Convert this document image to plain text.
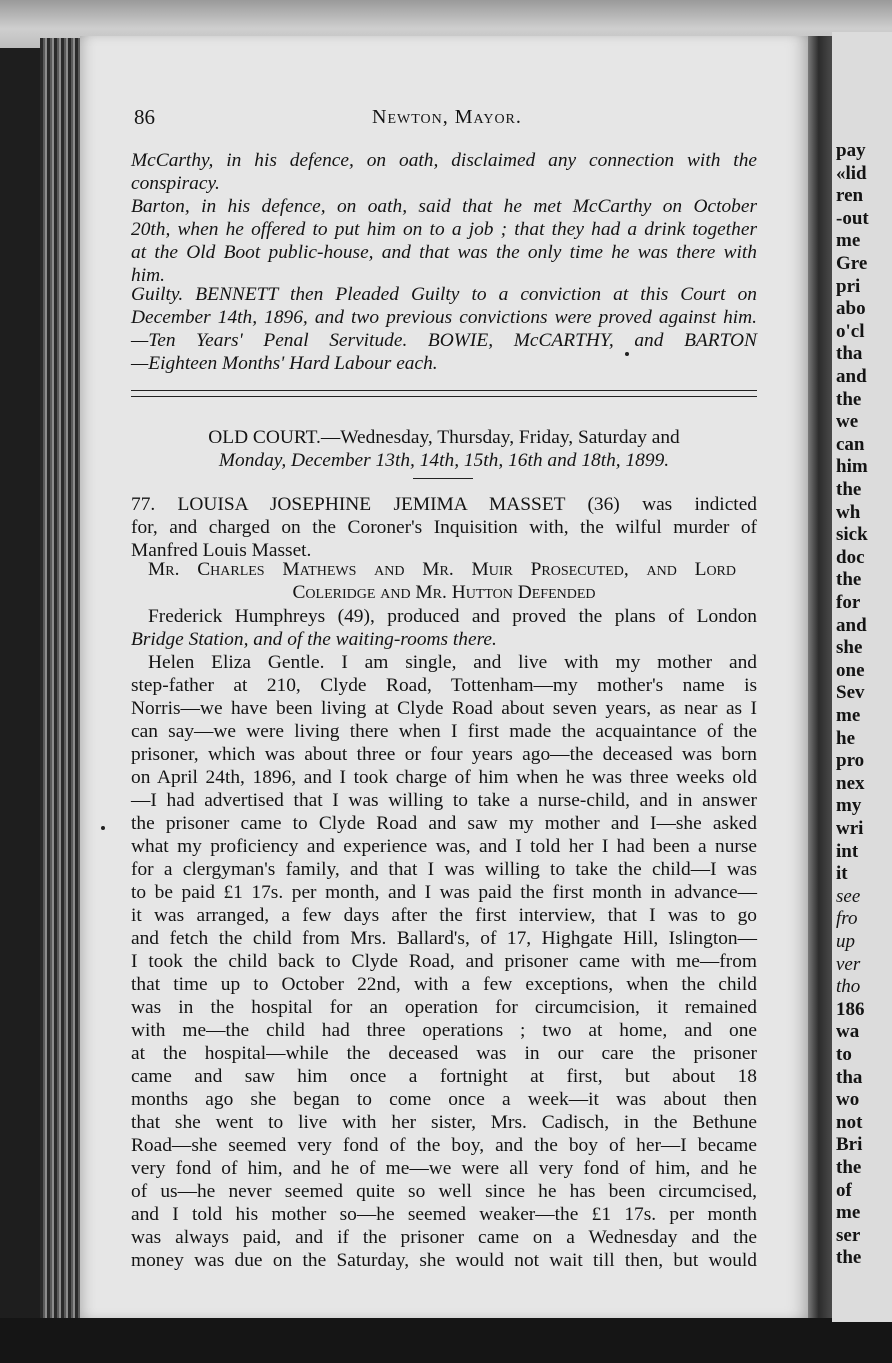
86	Newton, Mayor.
McCarthy, in his defence, on oath, disclaimed any connection with the
conspiracy.
Barton, in his defence, on oath, said that he met McCarthy on October
20th, when he offered to put him on to a job ; that they had a drink together
at the Old Boot public-house, and that was the only time he was there with
him.
Guilty. BENNETT then Pleaded Guilty to a conviction at this Court on
December 14th, 1896, and two previous convictions were proved against him.
—Ten Years' Penal Servitude. BOWIE, McCARTHY, and BARTON
—Eighteen Months' Hard Labour each.
OLD COURT.—Wednesday, Thursday, Friday, Saturday and
Monday, December 13th, 14th, 15th, 16th and 18th, 1899.
77. LOUISA JOSEPHINE JEMIMA MASSET (36) was indicted
for, and charged on the Coroner's Inquisition with, the wilful murder of
Manfred Louis Masset.
Mr. Charles Mathews and Mr. Muir Prosecuted, and Lord
Coleridge and Mr. Hutton Defended
Frederick Humphreys (49), produced and proved the plans of London
Bridge Station, and of the waiting-rooms there.
Helen Eliza Gentle. I am single, and live with my mother and
step-father at 210, Clyde Road, Tottenham—my mother's name is
Norris—we have been living at Clyde Road about seven years, as near as I
can say—we were living there when I first made the acquaintance of the
prisoner, which was about three or four years ago—the deceased was born
on April 24th, 1896, and I took charge of him when he was three weeks old
—I had advertised that I was willing to take a nurse-child, and in answer
the prisoner came to Clyde Road and saw my mother and I—she asked
what my proficiency and experience was, and I told her I had been a nurse
for a clergyman's family, and that I was willing to take the child—I was
to be paid £1 17s. per month, and I was paid the first month in advance—
it was arranged, a few days after the first interview, that I was to go
and fetch the child from Mrs. Ballard's, of 17, Highgate Hill, Islington—
I took the child back to Clyde Road, and prisoner came with me—from
that time up to October 22nd, with a few exceptions, when the child
was in the hospital for an operation for circumcision, it remained
with me—the child had three operations ; two at home, and one
at the hospital—while the deceased was in our care the prisoner
came and saw him once a fortnight at first, but about 18
months ago she began to come once a week—it was about then
that she went to live with her sister, Mrs. Cadisch, in the Bethune
Road—she seemed very fond of the boy, and the boy of her—I became
very fond of him, and he of me—we were all very fond of him, and he
of us—he never seemed quite so well since he has been circumcised,
and I told his mother so—he seemed weaker—the £1 17s. per month
was always paid, and if the prisoner came on a Wednesday and the
money was due on the Saturday, she would not wait till then, but would
pay
«lid
ren
-out
me
Gre
pri
abo
o'cl
tha
and
the
we
can
him
the
wh
sick
doc
the
for
and
she
one
Sev
me
he
pro
nex
my
wri
int
it
see
fro
up
ver
tho
186
wa
to
tha
wo
not
Bri
the
of
me
ser
the
